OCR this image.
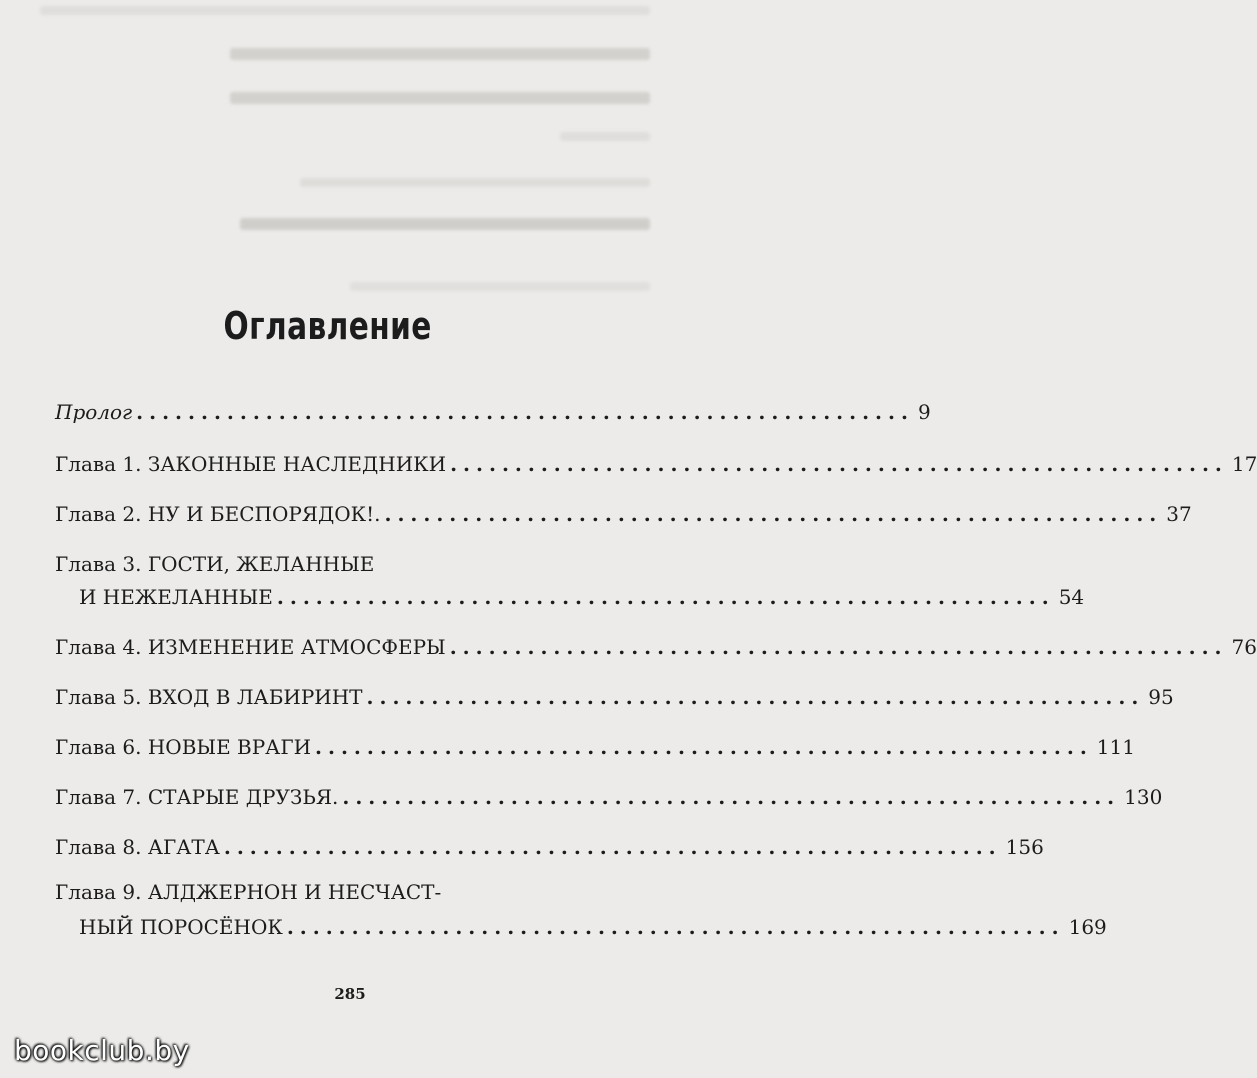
Оглавление
Пролог ............................................................ 9
Глава 1. ЗАКОННЫЕ НАСЛЕДНИКИ ............................................................ 17
Глава 2. НУ И БЕСПОРЯДОК!. ............................................................ 37
Глава 3. ГОСТИ, ЖЕЛАННЫЕ
И НЕЖЕЛАННЫЕ ............................................................ 54
Глава 4. ИЗМЕНЕНИЕ АТМОСФЕРЫ ............................................................ 76
Глава 5. ВХОД В ЛАБИРИНТ ............................................................ 95
Глава 6. НОВЫЕ ВРАГИ ............................................................ 111
Глава 7. СТАРЫЕ ДРУЗЬЯ. ............................................................ 130
Глава 8. АГАТА ............................................................ 156
Глава 9. АЛДЖЕРНОН И НЕСЧАСТ-
НЫЙ ПОРОСЁНОК ............................................................ 169
285
bookclub.by
